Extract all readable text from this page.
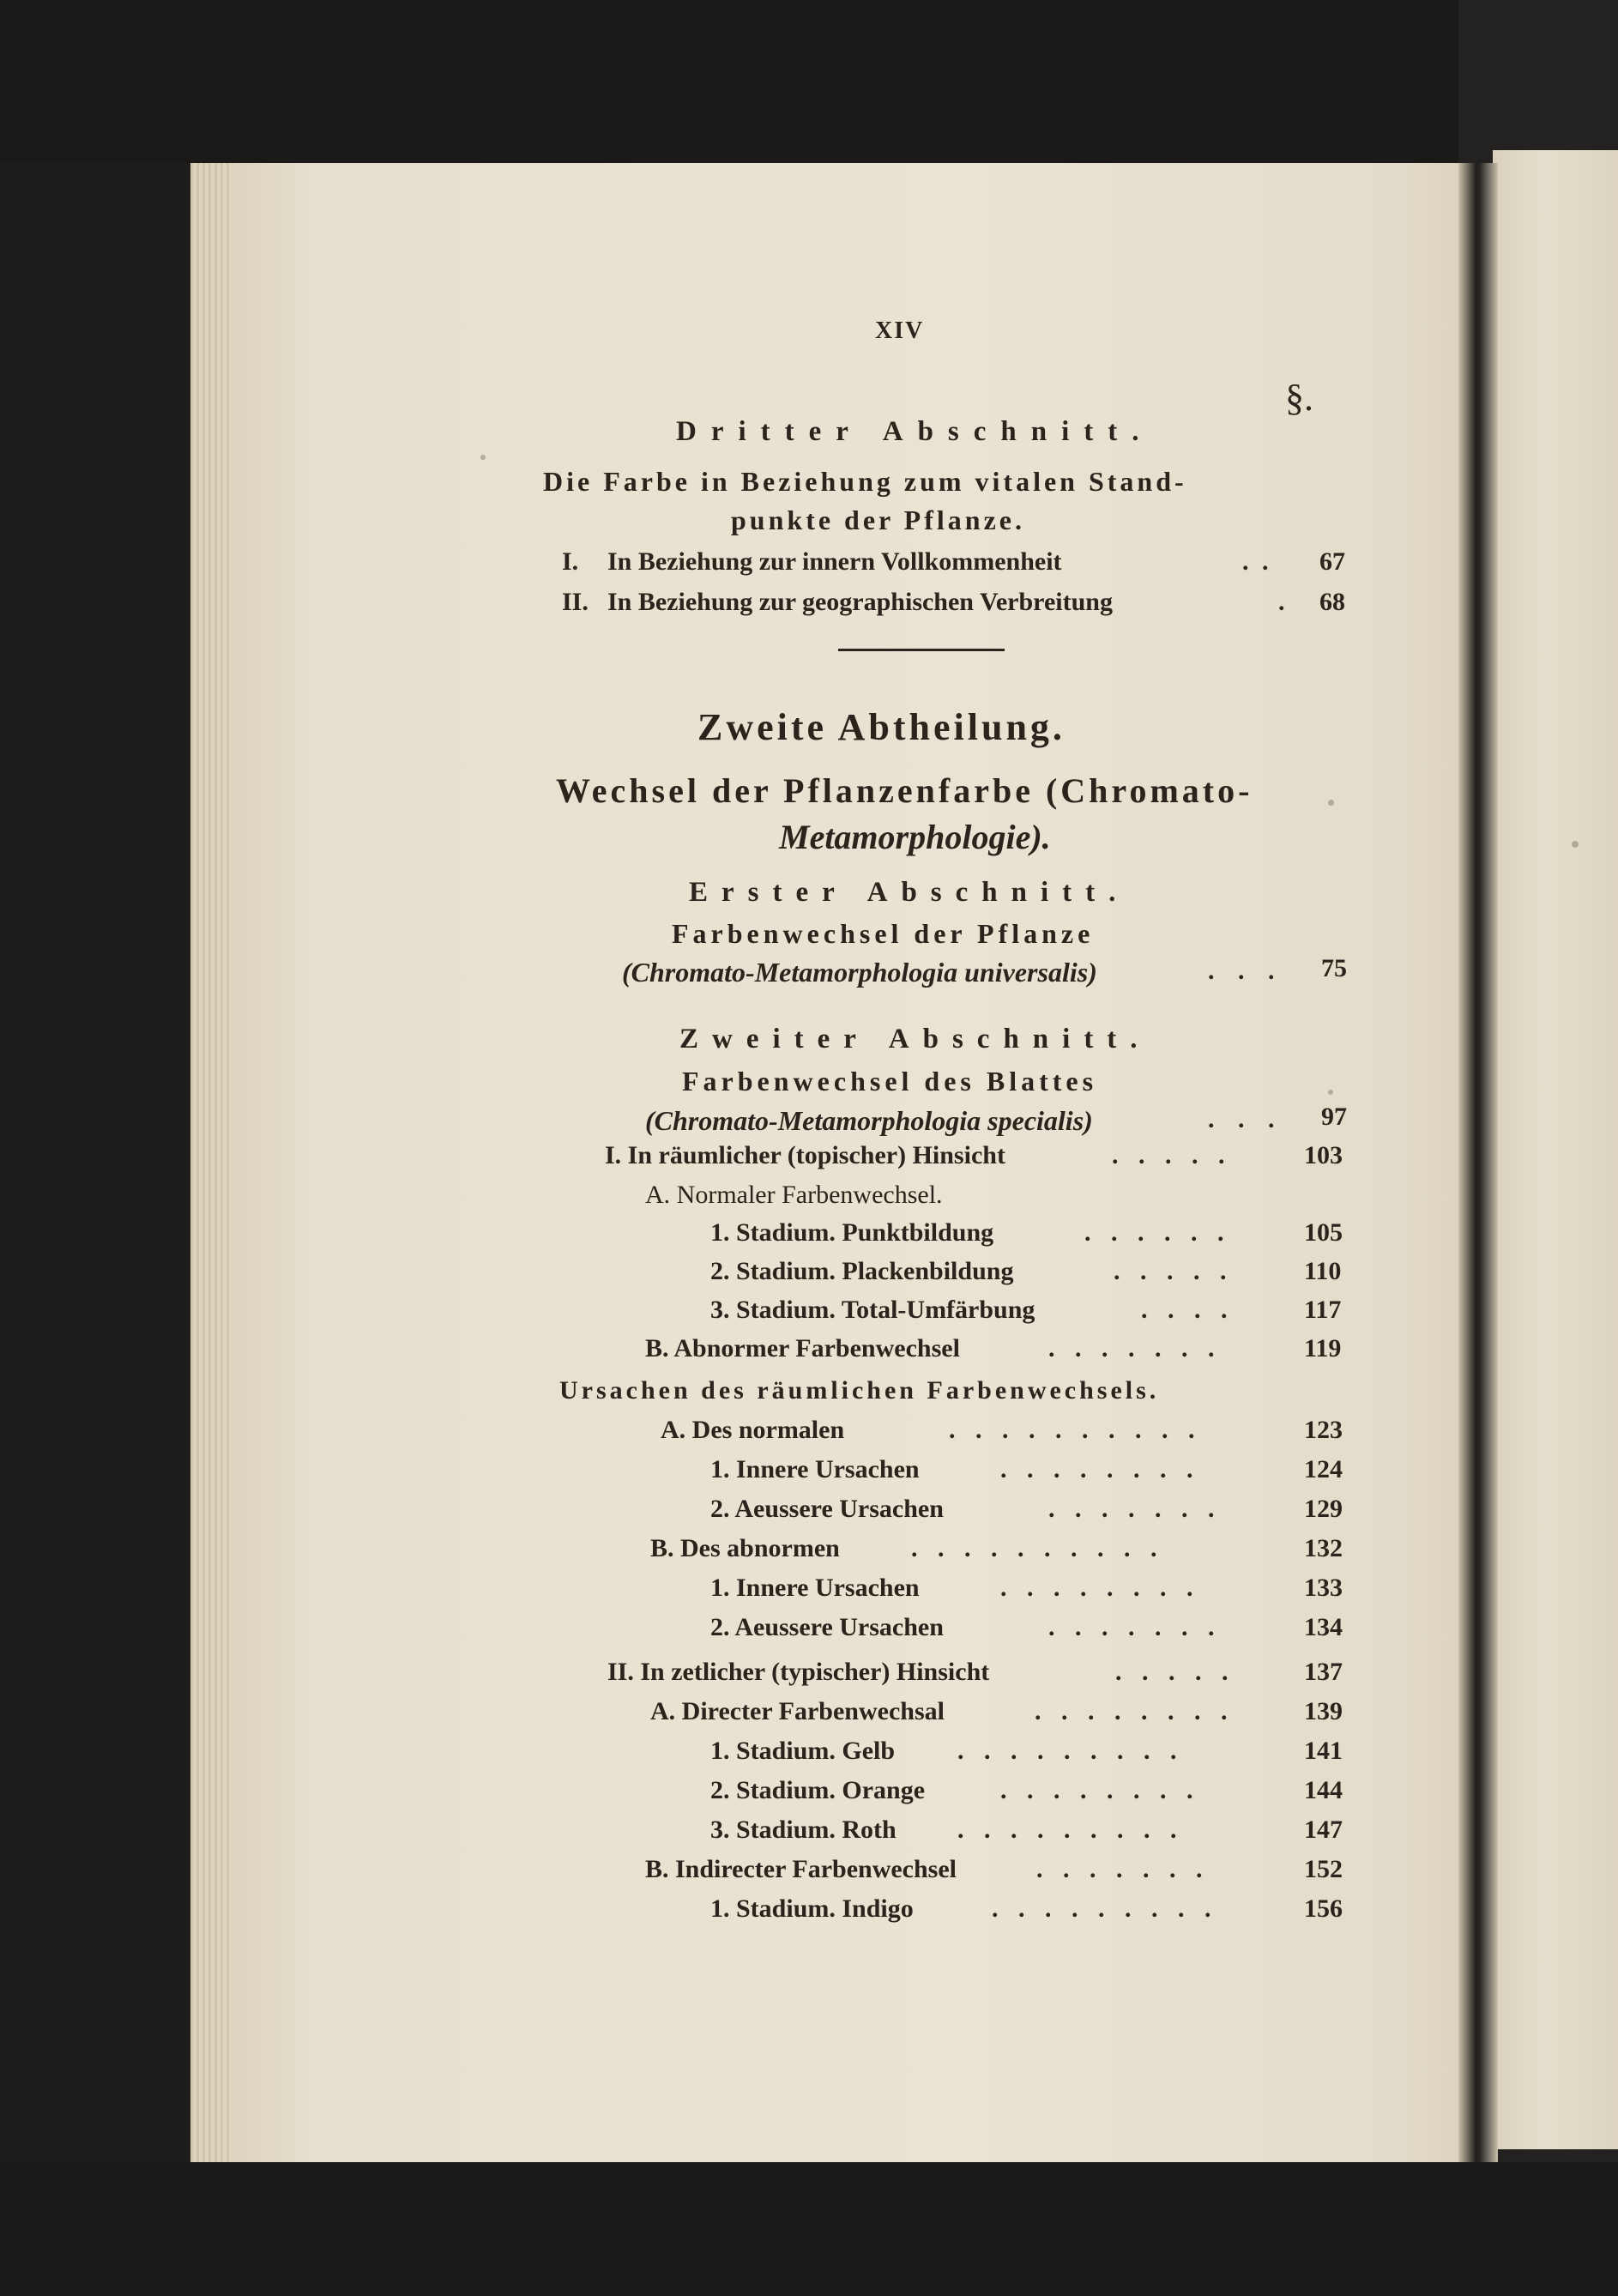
XIV
§.
Dritter Abschnitt.
Die Farbe in Beziehung zum vitalen Stand-
punkte der Pflanze.
I.	In Beziehung zur innern Vollkommenheit	. . 67
II. In Beziehung zur geographischen Verbreitung	. 68
Zweite Abtheilung.
Wechsel der Pflanzenfarbe (Chromato-
Metamorphologie).
Erster Abschnitt.
Farbenwechsel der Pflanze
(Chromato-Metamorphologia universalis)	. . . 75
Zweiter Abschnitt.
Farbenwechsel des Blattes
(Chromato-Metamorphologia specialis)	. . . 97
I. In räumlicher (topischer) Hinsicht	. . . . .	103
A. Normaler Farbenwechsel.
1. Stadium. Punktbildung	. . . . . .	105
2. Stadium. Plackenbildung	. . . . .	110
3. Stadium. Total-Umfärbung	. . . .	117
B. Abnormer Farbenwechsel	. . . . . . .	119
Ursachen des räumlichen Farbenwechsels.
A. Des normalen	. . . . . . . . . .	123
1. Innere Ursachen	. . . . . . . .	124
2. Aeussere Ursachen	. . . . . . .	129
B. Des abnormen	. . . . . . . . . .	132
1. Innere Ursachen	. . . . . . . .	133
2. Aeussere Ursachen	. . . . . . .	134
II. In zetlicher (typischer) Hinsicht	. . . . .	137
A. Directer Farbenwechsal	. . . . . . . .	139
1. Stadium. Gelb . . . . . . . . .	141
2. Stadium. Orange	. . . . . . . .	144
3. Stadium. Roth . . . . . . . . .	147
B. Indirecter Farbenwechsel	. . . . . . .	152
1. Stadium. Indigo	. . . . . . . . .	156
